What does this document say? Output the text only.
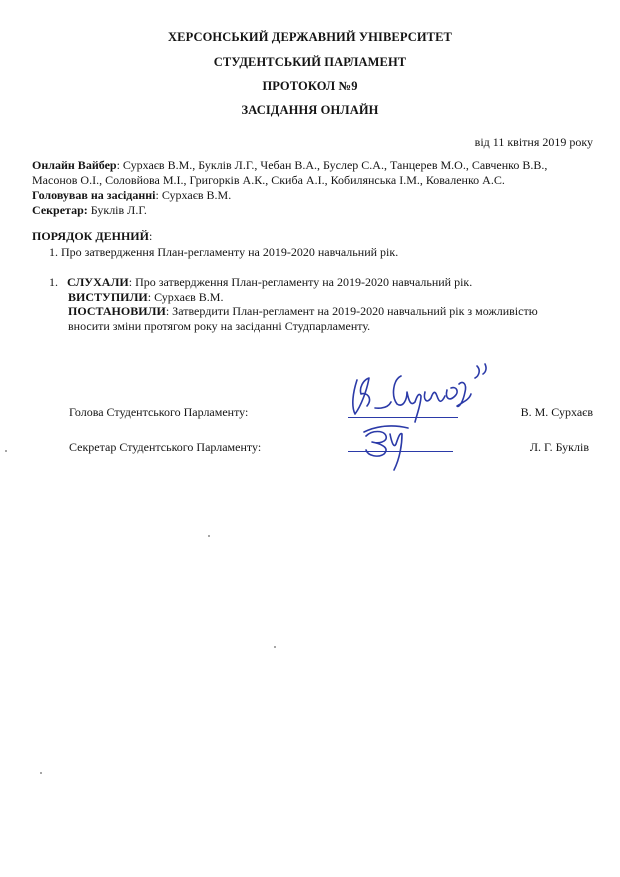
ХЕРСОНСЬКИЙ ДЕРЖАВНИЙ УНІВЕРСИТЕТ
СТУДЕНТСЬКИЙ ПАРЛАМЕНТ
ПРОТОКОЛ №9
ЗАСІДАННЯ ОНЛАЙН
від 11 квітня 2019 року
Онлайн Вайбер: Сурхаєв В.М., Буклів Л.Г., Чебан В.А., Буслер С.А., Танцерев М.О., Савченко В.В.,
Масонов О.І., Соловйова М.І., Григорків А.К., Скиба А.І., Кобилянська І.М., Коваленко А.С.
Головував на засіданні: Сурхаєв В.М.
Секретар: Буклів Л.Г.
ПОРЯДОК ДЕННИЙ:
1. Про затвердження План-регламенту на 2019-2020 навчальний рік.
1. СЛУХАЛИ: Про затвердження План-регламенту на 2019-2020 навчальний рік.
ВИСТУПИЛИ: Сурхаєв В.М.
ПОСТАНОВИЛИ: Затвердити План-регламент на 2019-2020 навчальний рік з можливістю
вносити зміни протягом року на засіданні Студпарламенту.
Голова Студентського Парламенту:	В. М. Сурхаєв
Секретар Студентського Парламенту:	Л. Г. Буклів
